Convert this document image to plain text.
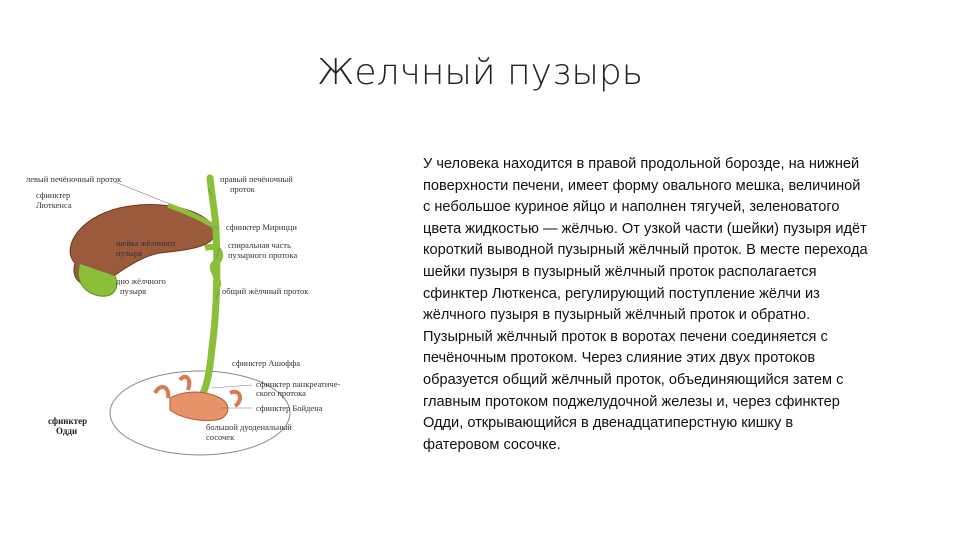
Желчный пузырь
левый печёночный проток	правый печёночный
проток
сфинктер
Люткенса
сфинктер Мирицци
шейка жёлчного
пузыря
спиральная часть
пузырного протока
дно жёлчного
пузыря	общий жёлчный проток
сфинктер Ашоффа
сфинктер панкреатиче-
ского протока
сфинктер Бойдена
большой дуоденальный
сосочек
сфинктер
Одди
У человека находится в правой продольной борозде, на нижней поверхности печени, имеет форму овального мешка, величиной с небольшое куриное яйцо и наполнен тягучей, зеленоватого цвета жидкостью — жёлчью. От узкой части (шейки) пузыря идёт короткий выводной пузырный жёлчный проток. В месте перехода шейки пузыря в пузырный жёлчный проток располагается сфинктер Люткенса, регулирующий поступление жёлчи из жёлчного пузыря в пузырный жёлчный проток и обратно. Пузырный жёлчный проток в воротах печени соединяется с печёночным протоком. Через слияние этих двух протоков образуется общий жёлчный проток, объединяющийся затем с главным протоком поджелудочной железы и, через сфинктер Одди, открывающийся в двенадцатиперстную кишку в фатеровом сосочке.
